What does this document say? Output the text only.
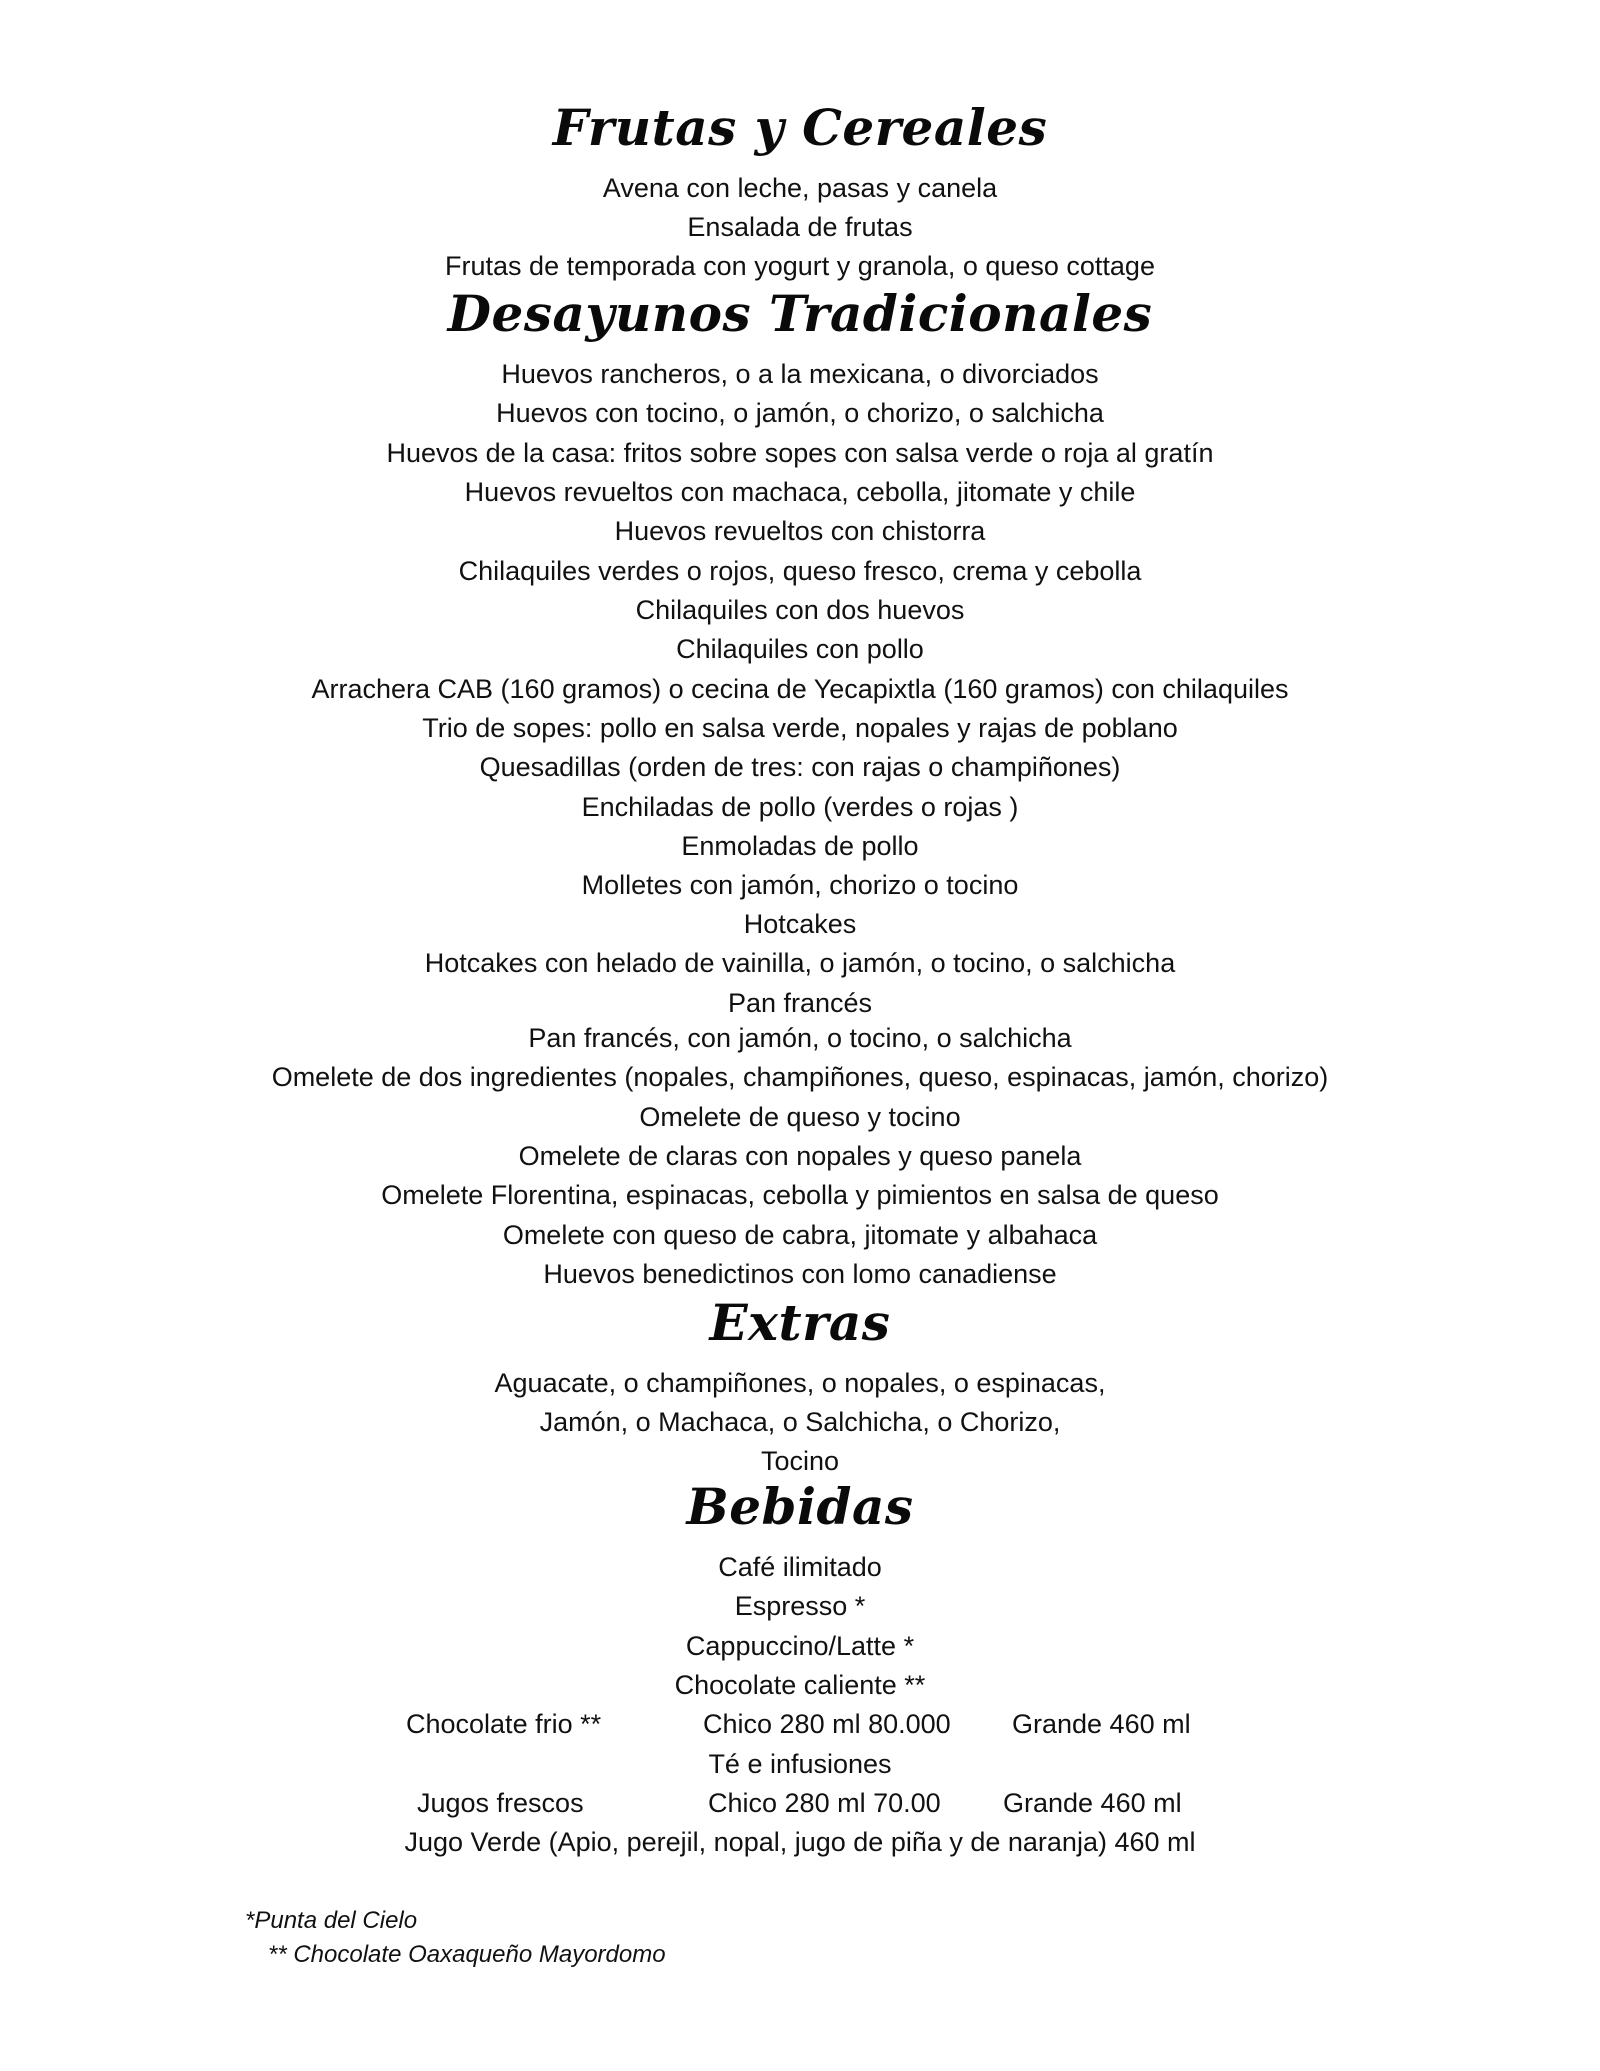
Frutas y Cereales
Avena con leche, pasas y canela
Ensalada de frutas
Frutas de temporada con yogurt y granola, o queso cottage
Desayunos Tradicionales
Huevos rancheros, o a la mexicana, o divorciados
Huevos con tocino, o jamón, o chorizo, o salchicha
Huevos de la casa: fritos sobre sopes con salsa verde o roja al gratín
Huevos revueltos con machaca, cebolla, jitomate y chile
Huevos revueltos con chistorra
Chilaquiles verdes o rojos, queso fresco, crema y cebolla
Chilaquiles con dos huevos
Chilaquiles con pollo
Arrachera CAB (160 gramos) o cecina de Yecapixtla (160 gramos) con chilaquiles
Trio de sopes: pollo en salsa verde, nopales y rajas de poblano
Quesadillas (orden de tres: con rajas o champiñones)
Enchiladas de pollo (verdes o rojas )
Enmoladas de pollo
Molletes con jamón, chorizo o tocino
Hotcakes
Hotcakes con helado de vainilla, o jamón, o tocino, o salchicha
Pan francés
Pan francés, con jamón, o tocino, o salchicha
Omelete de dos ingredientes (nopales, champiñones, queso, espinacas, jamón, chorizo)
Omelete de queso y tocino
Omelete de claras con nopales y queso panela
Omelete Florentina, espinacas, cebolla y pimientos en salsa de queso
Omelete con queso de cabra, jitomate y albahaca
Huevos benedictinos con lomo canadiense
Extras
Aguacate, o champiñones, o nopales, o espinacas,
Jamón, o Machaca, o Salchicha, o Chorizo,
Tocino
Bebidas
Café ilimitado
Espresso *
Cappuccino/Latte *
Chocolate caliente **
Chocolate frio **	Chico 280 ml 80.000 Grande 460 ml
Té e infusiones
Jugos frescos	Chico 280 ml 70.00 Grande 460 ml
Jugo Verde (Apio, perejil, nopal, jugo de piña y de naranja) 460 ml
*Punta del Cielo
** Chocolate Oaxaqueño Mayordomo
